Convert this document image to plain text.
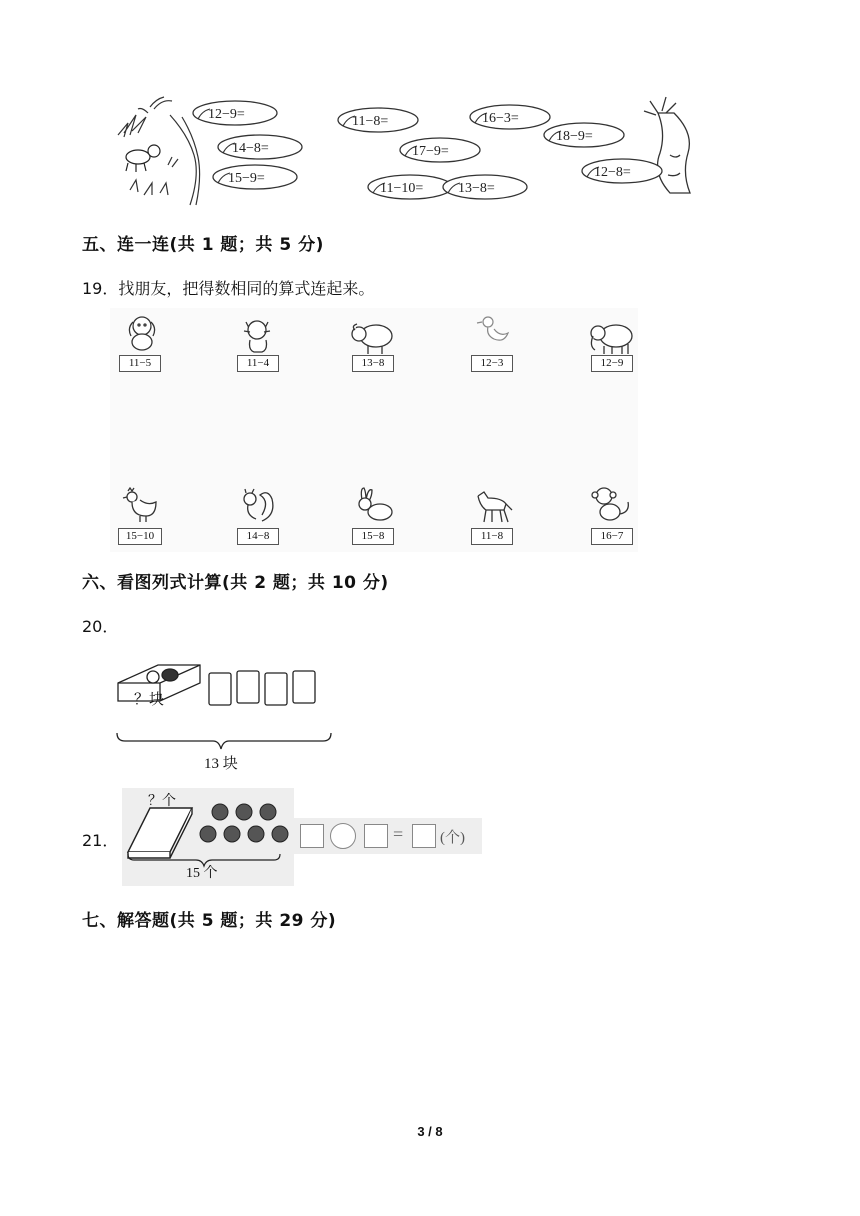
12−9=
14−8=
15−9=
11−8=
17−9=
11−10= 13−8=
16−3=
18−9=
12−8=
五、连一连(共 1 题；共 5 分)
19．找朋友，把得数相同的算式连起来。
11−5	11−4	13−8	12−3	12−9
15−10	14−8	15−8	11−8	16−7
六、看图列式计算(共 2 题；共 10 分)
20．
？块
13 块
21．
？个
15 个
= (个)
七、解答题(共 5 题；共 29 分)
3 / 8
